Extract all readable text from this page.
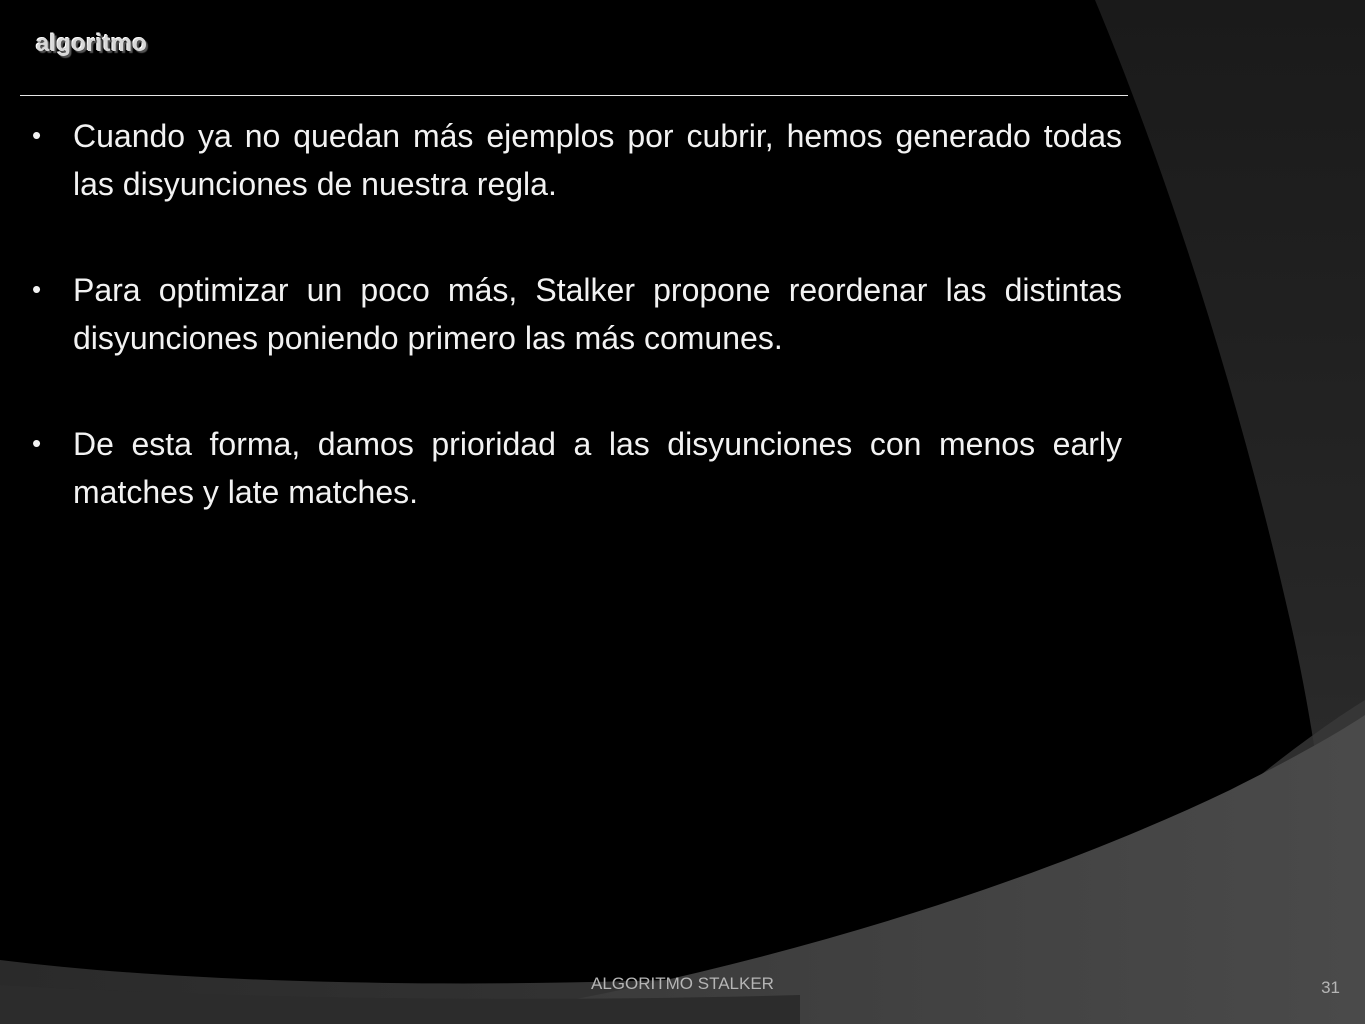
algoritmo
• Cuando ya no quedan más ejemplos por cubrir, hemos generado todas las disyunciones de nuestra regla.
• Para optimizar un poco más, Stalker propone reordenar las distintas disyunciones poniendo primero las más comunes.
• De esta forma, damos prioridad a las disyunciones con menos early matches y late matches.
ALGORITMO STALKER	31
